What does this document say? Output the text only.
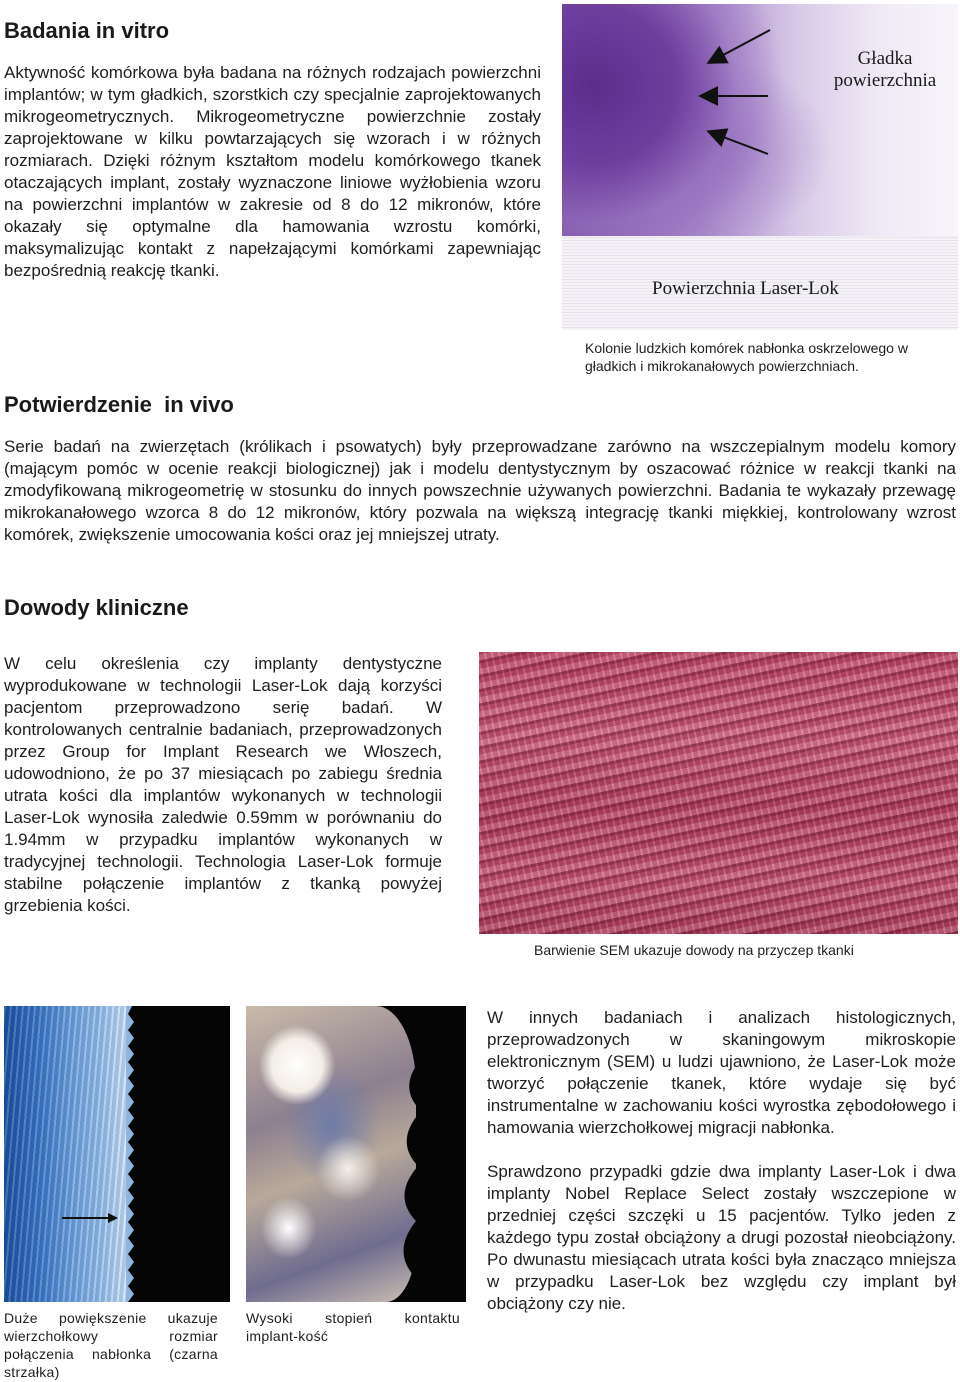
Badania in vitro

Aktywność komórkowa była badana na różnych rodzajach powierzchni implantów; w tym gładkich, szorstkich czy specjalnie zaprojektowanych mikrogeometrycznych. Mikrogeometryczne powierzchnie zostały zaprojektowane w kilku powtarzających się wzorach i w różnych rozmiarach. Dzięki różnym kształtom modelu komórkowego tkanek otaczających implant, zostały wyznaczone liniowe wyżłobienia wzoru na powierzchni implantów w zakresie od 8 do 12 mikronów, które okazały się optymalne dla hamowania wzrostu komórki, maksymalizując kontakt z napełzającymi komórkami zapewniając bezpośrednią reakcję tkanki.

Gładka powierzchnia
Powierzchnia Laser-Lok

Kolonie ludzkich komórek nabłonka oskrzelowego w gładkich i mikrokanałowych powierzchniach.

Potwierdzenie  in vivo

Serie badań na zwierzętach (królikach i psowatych) były przeprowadzane zarówno na wszczepialnym modelu komory (mającym pomóc w ocenie reakcji biologicznej) jak i modelu dentystycznym by oszacować różnice w reakcji tkanki na zmodyfikowaną mikrogeometrię w stosunku do innych powszechnie używanych powierzchni. Badania te wykazały przewagę mikrokanałowego wzorca 8 do 12 mikronów, który pozwala na większą integrację tkanki miękkiej, kontrolowany wzrost komórek, zwiększenie umocowania kości oraz jej mniejszej utraty.

Dowody kliniczne

W celu określenia czy implanty dentystyczne wyprodukowane w technologii Laser-Lok dają korzyści pacjentom przeprowadzono serię badań. W kontrolowanych centralnie badaniach, przeprowadzonych przez Group for Implant Research we Włoszech, udowodniono, że po 37 miesiącach po zabiegu średnia utrata kości dla implantów wykonanych w technologii Laser-Lok wynosiła zaledwie 0.59mm w porównaniu do 1.94mm w przypadku implantów wykonanych w tradycyjnej technologii. Technologia Laser-Lok formuje stabilne połączenie implantów z tkanką powyżej grzebienia kości.

Barwienie SEM ukazuje dowody na przyczep tkanki

Duże powiększenie ukazuje wierzchołkowy rozmiar połączenia nabłonka (czarna strzałka)

Wysoki stopień kontaktu implant-kość

W innych badaniach i analizach histologicznych, przeprowadzonych w skaningowym mikroskopie elektronicznym (SEM) u ludzi ujawniono, że Laser-Lok może tworzyć połączenie tkanek, które wydaje się być instrumentalne w zachowaniu kości wyrostka zębodołowego i hamowania wierzchołkowej migracji nabłonka.

Sprawdzono przypadki gdzie dwa implanty Laser-Lok i dwa implanty Nobel Replace Select zostały wszczepione w przedniej części szczęki u 15 pacjentów. Tylko jeden z każdego typu został obciążony a drugi pozostał nieobciążony. Po dwunastu miesiącach utrata kości była znacząco mniejsza w przypadku Laser-Lok bez względu czy implant był obciążony czy nie.
